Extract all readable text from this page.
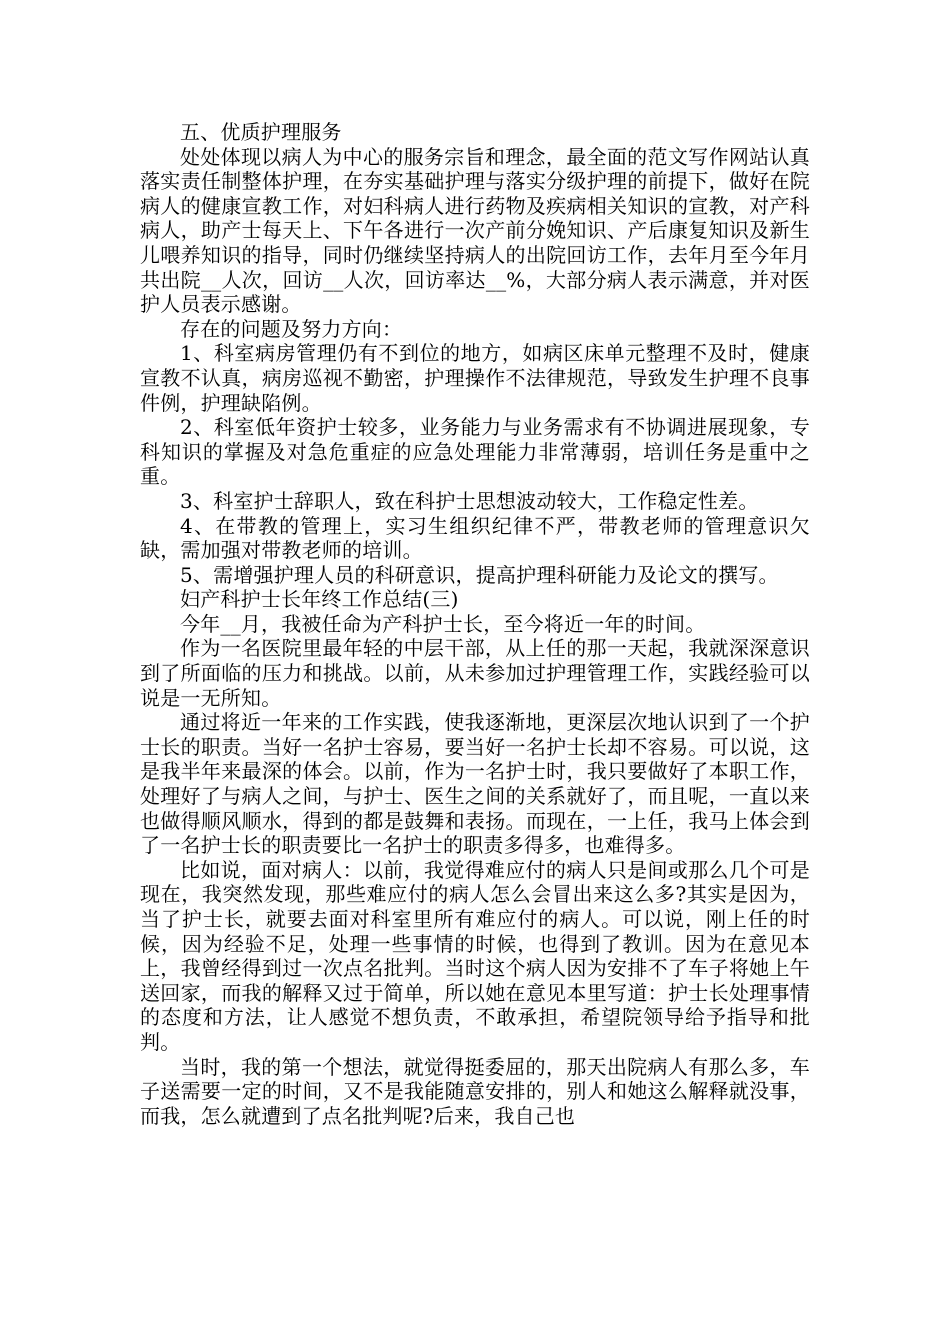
五、优质护理服务

处处体现以病人为中心的服务宗旨和理念，最全面的范文写作网站认真落实责任制整体护理，在夯实基础护理与落实分级护理的前提下，做好在院病人的健康宣教工作，对妇科病人进行药物及疾病相关知识的宣教，对产科病人，助产士每天上、下午各进行一次产前分娩知识、产后康复知识及新生儿喂养知识的指导，同时仍继续坚持病人的出院回访工作，去年月至今年月共出院__人次，回访__人次，回访率达__%，大部分病人表示满意，并对医护人员表示感谢。

存在的问题及努力方向：

1、科室病房管理仍有不到位的地方，如病区床单元整理不及时，健康宣教不认真，病房巡视不勤密，护理操作不法律规范，导致发生护理不良事件例，护理缺陷例。

2、科室低年资护士较多，业务能力与业务需求有不协调进展现象，专科知识的掌握及对急危重症的应急处理能力非常薄弱，培训任务是重中之重。

3、科室护士辞职人，致在科护士思想波动较大，工作稳定性差。

4、在带教的管理上，实习生组织纪律不严，带教老师的管理意识欠缺，需加强对带教老师的培训。

5、需增强护理人员的科研意识，提高护理科研能力及论文的撰写。

妇产科护士长年终工作总结(三)

今年__月，我被任命为产科护士长，至今将近一年的时间。

作为一名医院里最年轻的中层干部，从上任的那一天起，我就深深意识到了所面临的压力和挑战。以前，从未参加过护理管理工作，实践经验可以说是一无所知。

通过将近一年来的工作实践，使我逐渐地，更深层次地认识到了一个护士长的职责。当好一名护士容易，要当好一名护士长却不容易。可以说，这是我半年来最深的体会。以前，作为一名护士时，我只要做好了本职工作，处理好了与病人之间，与护士、医生之间的关系就好了，而且呢，一直以来也做得顺风顺水，得到的都是鼓舞和表扬。而现在，一上任，我马上体会到了一名护士长的职责要比一名护士的职责多得多，也难得多。

比如说，面对病人：以前，我觉得难应付的病人只是间或那么几个可是现在，我突然发现，那些难应付的病人怎么会冒出来这么多?其实是因为，当了护士长，就要去面对科室里所有难应付的病人。可以说，刚上任的时候，因为经验不足，处理一些事情的时候，也得到了教训。因为在意见本上，我曾经得到过一次点名批判。当时这个病人因为安排不了车子将她上午送回家，而我的解释又过于简单，所以她在意见本里写道：护士长处理事情的态度和方法，让人感觉不想负责，不敢承担，希望院领导给予指导和批判。

当时，我的第一个想法，就觉得挺委屈的，那天出院病人有那么多，车子送需要一定的时间，又不是我能随意安排的，别人和她这么解释就没事，而我，怎么就遭到了点名批判呢?后来，我自己也
